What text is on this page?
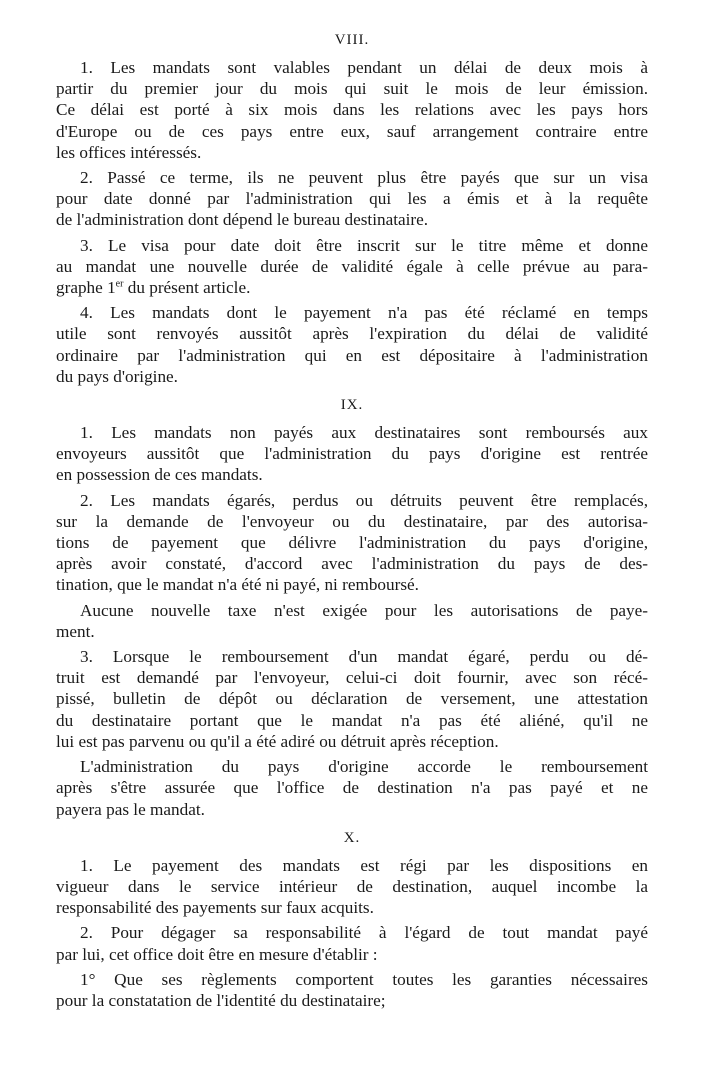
VIII.
1. Les mandats sont valables pendant un délai de deux mois à
partir du premier jour du mois qui suit le mois de leur émission.
Ce délai est porté à six mois dans les relations avec les pays hors
d'Europe ou de ces pays entre eux, sauf arrangement contraire entre
les offices intéressés.
2. Passé ce terme, ils ne peuvent plus être payés que sur un visa
pour date donné par l'administration qui les a émis et à la requête
de l'administration dont dépend le bureau destinataire.
3. Le visa pour date doit être inscrit sur le titre même et donne
au mandat une nouvelle durée de validité égale à celle prévue au para-
graphe 1er du présent article.
4. Les mandats dont le payement n'a pas été réclamé en temps
utile sont renvoyés aussitôt après l'expiration du délai de validité
ordinaire par l'administration qui en est dépositaire à l'administration
du pays d'origine.
IX.
1. Les mandats non payés aux destinataires sont remboursés aux
envoyeurs aussitôt que l'administration du pays d'origine est rentrée
en possession de ces mandats.
2. Les mandats égarés, perdus ou détruits peuvent être remplacés,
sur la demande de l'envoyeur ou du destinataire, par des autorisa-
tions de payement que délivre l'administration du pays d'origine,
après avoir constaté, d'accord avec l'administration du pays de des-
tination, que le mandat n'a été ni payé, ni remboursé.
Aucune nouvelle taxe n'est exigée pour les autorisations de paye-
ment.
3. Lorsque le remboursement d'un mandat égaré, perdu ou dé-
truit est demandé par l'envoyeur, celui-ci doit fournir, avec son récé-
pissé, bulletin de dépôt ou déclaration de versement, une attestation
du destinataire portant que le mandat n'a pas été aliéné, qu'il ne
lui est pas parvenu ou qu'il a été adiré ou détruit après réception.
L'administration du pays d'origine accorde le remboursement
après s'être assurée que l'office de destination n'a pas payé et ne
payera pas le mandat.
X.
1. Le payement des mandats est régi par les dispositions en
vigueur dans le service intérieur de destination, auquel incombe la
responsabilité des payements sur faux acquits.
2. Pour dégager sa responsabilité à l'égard de tout mandat payé
par lui, cet office doit être en mesure d'établir :
1° Que ses règlements comportent toutes les garanties nécessaires
pour la constatation de l'identité du destinataire;
